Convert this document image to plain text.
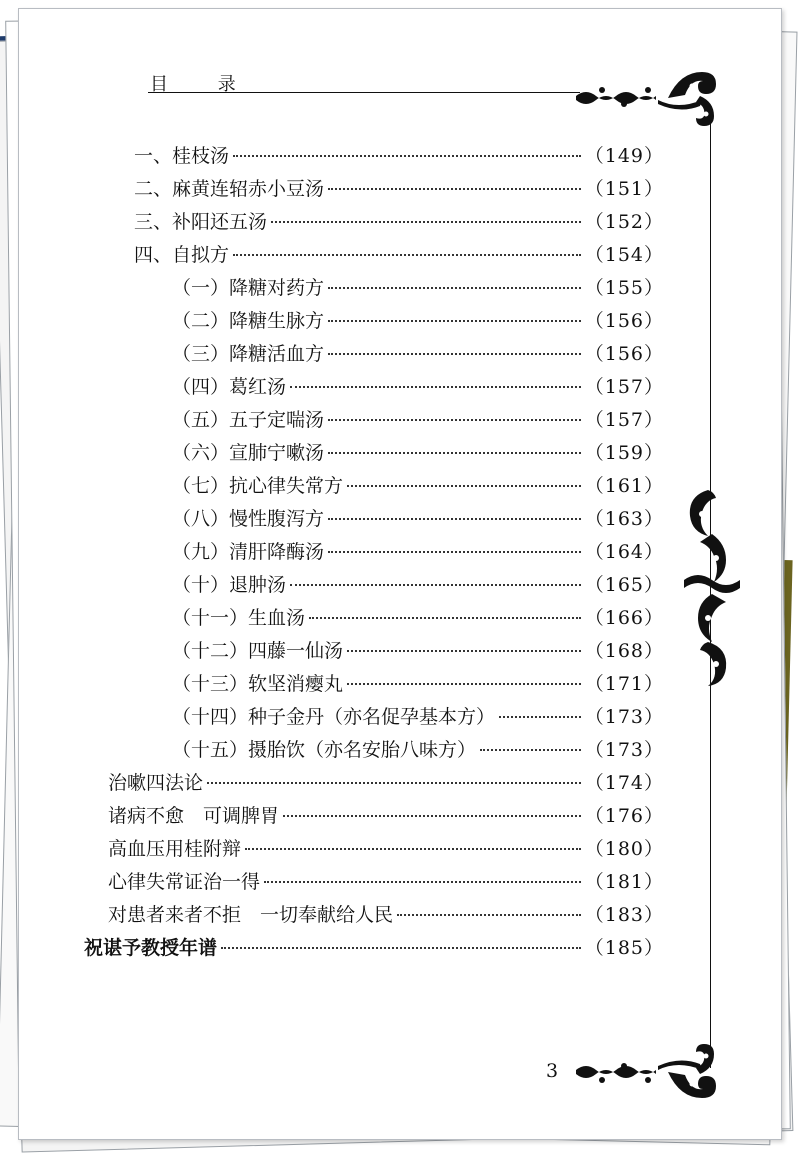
目 录
一、桂枝汤	（149）
二、麻黄连轺赤小豆汤	（151）
三、补阳还五汤	（152）
四、自拟方	（154）
（一）降糖对药方	（155）
（二）降糖生脉方	（156）
（三）降糖活血方	（156）
（四）葛红汤	（157）
（五）五子定喘汤	（157）
（六）宣肺宁嗽汤	（159）
（七）抗心律失常方	（161）
（八）慢性腹泻方	（163）
（九）清肝降酶汤	（164）
（十）退肿汤	（165）
（十一）生血汤	（166）
（十二）四藤一仙汤	（168）
（十三）软坚消瘿丸	（171）
（十四）种子金丹（亦名促孕基本方）	（173）
（十五）摄胎饮（亦名安胎八味方）	（173）
治嗽四法论	（174）
诸病不愈　可调脾胃	（176）
高血压用桂附辩	（180）
心律失常证治一得	（181）
对患者来者不拒　一切奉献给人民	（183）
祝谌予教授年谱	（185）
3
